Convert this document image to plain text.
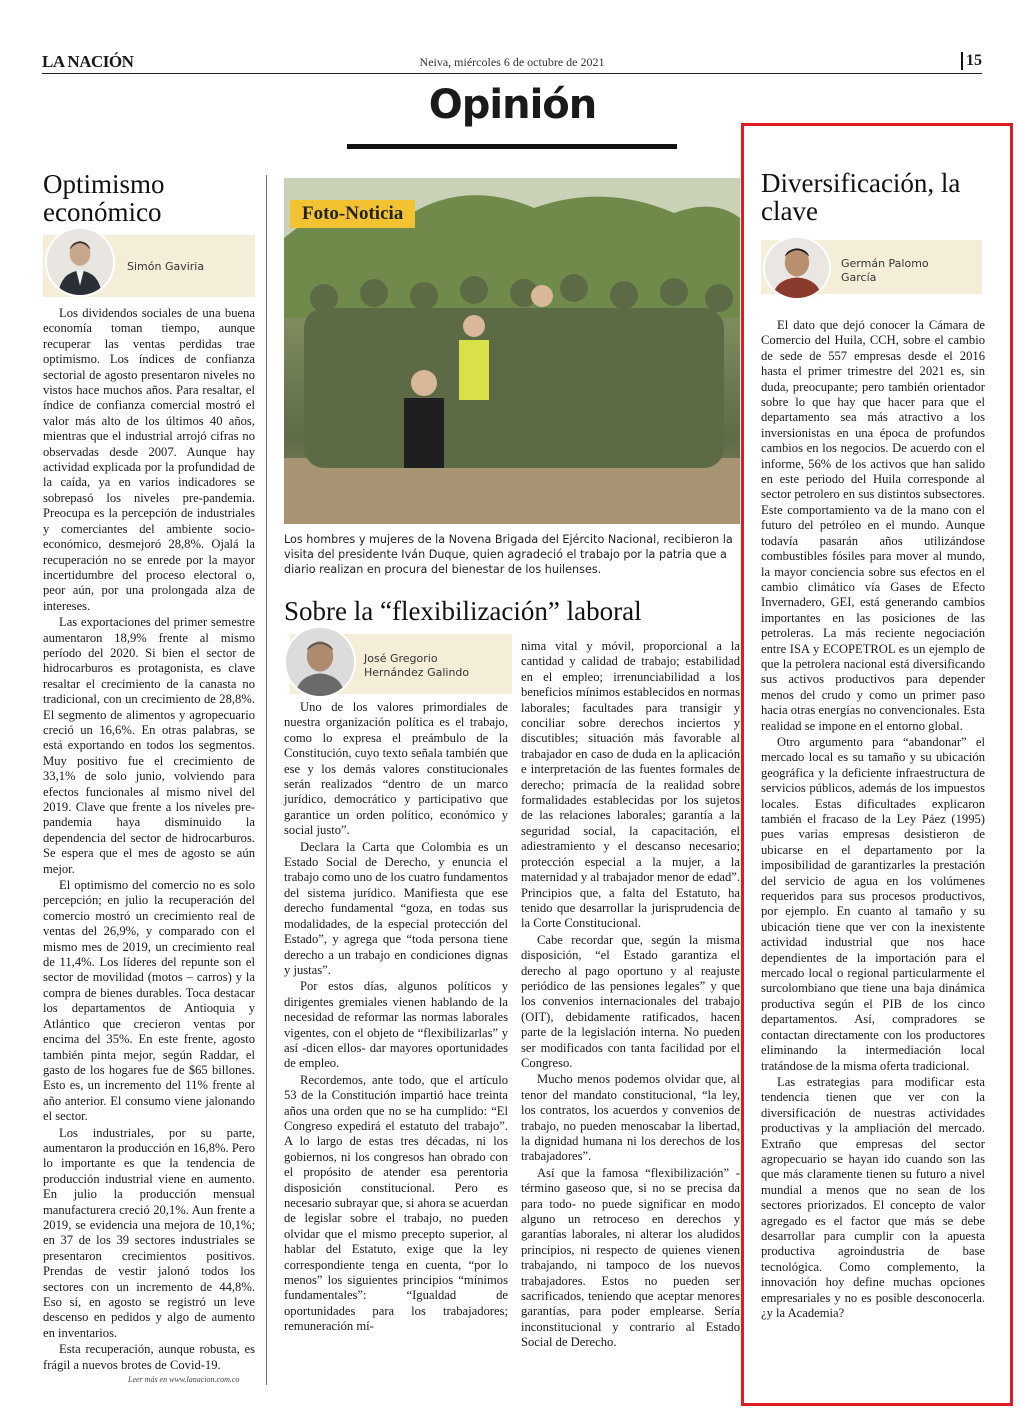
LA NACIÓN	Neiva, miércoles 6 de octubre de 2021	15
Opinión
Optimismo económico
Simón Gaviria

Los dividendos sociales de una buena economía toman tiempo, aunque recuperar las ventas perdidas trae optimismo. Los índices de confianza sectorial de agosto presentaron niveles no vistos hace muchos años. Para resaltar, el índice de confianza comercial mostró el valor más alto de los últimos 40 años, mientras que el industrial arrojó cifras no observadas desde 2007. Aunque hay actividad explicada por la profundidad de la caída, ya en varios indicadores se sobrepasó los niveles pre-pandemia. Preocupa es la percepción de industriales y comerciantes del ambiente socio-económico, desmejoró 28,8%. Ojalá la recuperación no se enrede por la mayor incertidumbre del proceso electoral o, peor aún, por una prolongada alza de intereses.

Las exportaciones del primer semestre aumentaron 18,9% frente al mismo período del 2020. Si bien el sector de hidrocarburos es protagonista, es clave resaltar el crecimiento de la canasta no tradicional, con un crecimiento de 28,8%. El segmento de alimentos y agropecuario creció un 16,6%. En otras palabras, se está exportando en todos los segmentos. Muy positivo fue el crecimiento de 33,1% de solo junio, volviendo para efectos funcionales al mismo nivel del 2019. Clave que frente a los niveles pre-pandemia haya disminuido la dependencia del sector de hidrocarburos. Se espera que el mes de agosto se aún mejor.

El optimismo del comercio no es solo percepción; en julio la recuperación del comercio mostró un crecimiento real de ventas del 26,9%, y comparado con el mismo mes de 2019, un crecimiento real de 11,4%. Los líderes del repunte son el sector de movilidad (motos – carros) y la compra de bienes durables. Toca destacar los departamentos de Antioquia y Atlántico que crecieron ventas por encima del 35%. En este frente, agosto también pinta mejor, según Raddar, el gasto de los hogares fue de $65 billones. Esto es, un incremento del 11% frente al año anterior. El consumo viene jalonando el sector.

Los industriales, por su parte, aumentaron la producción en 16,8%. Pero lo importante es que la tendencia de producción industrial viene en aumento. En julio la producción mensual manufacturera creció 20,1%. Aun frente a 2019, se evidencia una mejora de 10,1%; en 37 de los 39 sectores industriales se presentaron crecimientos positivos. Prendas de vestir jalonó todos los sectores con un incremento de 44,8%. Eso sí, en agosto se registró un leve descenso en pedidos y algo de aumento en inventarios.

Esta recuperación, aunque robusta, es frágil a nuevos brotes de Covid-19.

Leer más en www.lanacion.com.co
Foto-Noticia
Los hombres y mujeres de la Novena Brigada del Ejército Nacional, recibieron la visita del presidente Iván Duque, quien agradeció el trabajo por la patria que a diario realizan en procura del bienestar de los huilenses.
Sobre la “flexibilización” laboral
José Gregorio Hernández Galindo

Uno de los valores primordiales de nuestra organización política es el trabajo, como lo expresa el preámbulo de la Constitución, cuyo texto señala también que ese y los demás valores constitucionales serán realizados “dentro de un marco jurídico, democrático y participativo que garantice un orden político, económico y social justo”.

Declara la Carta que Colombia es un Estado Social de Derecho, y enuncia el trabajo como uno de los cuatro fundamentos del sistema jurídico. Manifiesta que ese derecho fundamental “goza, en todas sus modalidades, de la especial protección del Estado”, y agrega que “toda persona tiene derecho a un trabajo en condiciones dignas y justas”.

Por estos días, algunos políticos y dirigentes gremiales vienen hablando de la necesidad de reformar las normas laborales vigentes, con el objeto de “flexibilizarlas” y así -dicen ellos- dar mayores oportunidades de empleo.

Recordemos, ante todo, que el artículo 53 de la Constitución impartió hace treinta años una orden que no se ha cumplido: “El Congreso expedirá el estatuto del trabajo”. A lo largo de estas tres décadas, ni los gobiernos, ni los congresos han obrado con el propósito de atender esa perentoria disposición constitucional. Pero es necesario subrayar que, si ahora se acuerdan de legislar sobre el trabajo, no pueden olvidar que el mismo precepto superior, al hablar del Estatuto, exige que la ley correspondiente tenga en cuenta, “por lo menos” los siguientes principios “mínimos fundamentales”: “Igualdad de oportunidades para los trabajadores; remuneración mí-

nima vital y móvil, proporcional a la cantidad y calidad de trabajo; estabilidad en el empleo; irrenunciabilidad a los beneficios mínimos establecidos en normas laborales; facultades para transigir y conciliar sobre derechos inciertos y discutibles; situación más favorable al trabajador en caso de duda en la aplicación e interpretación de las fuentes formales de derecho; primacía de la realidad sobre formalidades establecidas por los sujetos de las relaciones laborales; garantía a la seguridad social, la capacitación, el adiestramiento y el descanso necesario; protección especial a la mujer, a la maternidad y al trabajador menor de edad”. Principios que, a falta del Estatuto, ha tenido que desarrollar la jurisprudencia de la Corte Constitucional.

Cabe recordar que, según la misma disposición, “el Estado garantiza el derecho al pago oportuno y al reajuste periódico de las pensiones legales” y que los convenios internacionales del trabajo (OIT), debidamente ratificados, hacen parte de la legislación interna. No pueden ser modificados con tanta facilidad por el Congreso.

Mucho menos podemos olvidar que, al tenor del mandato constitucional, “la ley, los contratos, los acuerdos y convenios de trabajo, no pueden menoscabar la libertad, la dignidad humana ni los derechos de los trabajadores”.

Así que la famosa “flexibilización” -término gaseoso que, si no se precisa da para todo- no puede significar en modo alguno un retroceso en derechos y garantías laborales, ni alterar los aludidos principios, ni respecto de quienes vienen trabajando, ni tampoco de los nuevos trabajadores. Estos no pueden ser sacrificados, teniendo que aceptar menores garantías, para poder emplearse. Sería inconstitucional y contrario al Estado Social de Derecho.

Diversificación, la clave
Germán Palomo García

El dato que dejó conocer la Cámara de Comercio del Huila, CCH, sobre el cambio de sede de 557 empresas desde el 2016 hasta el primer trimestre del 2021 es, sin duda, preocupante; pero también orientador sobre lo que hay que hacer para que el departamento sea más atractivo a los inversionistas en una época de profundos cambios en los negocios. De acuerdo con el informe, 56% de los activos que han salido en este periodo del Huila corresponde al sector petrolero en sus distintos subsectores. Este comportamiento va de la mano con el futuro del petróleo en el mundo. Aunque todavía pasarán años utilizándose combustibles fósiles para mover al mundo, la mayor conciencia sobre sus efectos en el cambio climático vía Gases de Efecto Invernadero, GEI, está generando cambios importantes en las posiciones de las petroleras. La más reciente negociación entre ISA y ECOPETROL es un ejemplo de que la petrolera nacional está diversificando sus activos productivos para depender menos del crudo y como un primer paso hacia otras energías no convencionales. Esta realidad se impone en el entorno global.

Otro argumento para “abandonar” el mercado local es su tamaño y su ubicación geográfica y la deficiente infraestructura de servicios públicos, además de los impuestos locales. Estas dificultades explicaron también el fracaso de la Ley Páez (1995) pues varias empresas desistieron de ubicarse en el departamento por la imposibilidad de garantizarles la prestación del servicio de agua en los volúmenes requeridos para sus procesos productivos, por ejemplo. En cuanto al tamaño y su ubicación tiene que ver con la inexistente actividad industrial que nos hace dependientes de la importación para el mercado local o regional particularmente el surcolombiano que tiene una baja dinámica productiva según el PIB de los cinco departamentos. Así, compradores se contactan directamente con los productores eliminando la intermediación local tratándose de la misma oferta tradicional.

Las estrategias para modificar esta tendencia tienen que ver con la diversificación de nuestras actividades productivas y la ampliación del mercado. Extraño que empresas del sector agropecuario se hayan ido cuando son las que más claramente tienen su futuro a nivel mundial a menos que no sean de los sectores priorizados. El concepto de valor agregado es el factor que más se debe desarrollar para cumplir con la apuesta productiva agroindustria de base tecnológica. Como complemento, la innovación hoy define muchas opciones empresariales y no es posible desconocerla. ¿y la Academia?
